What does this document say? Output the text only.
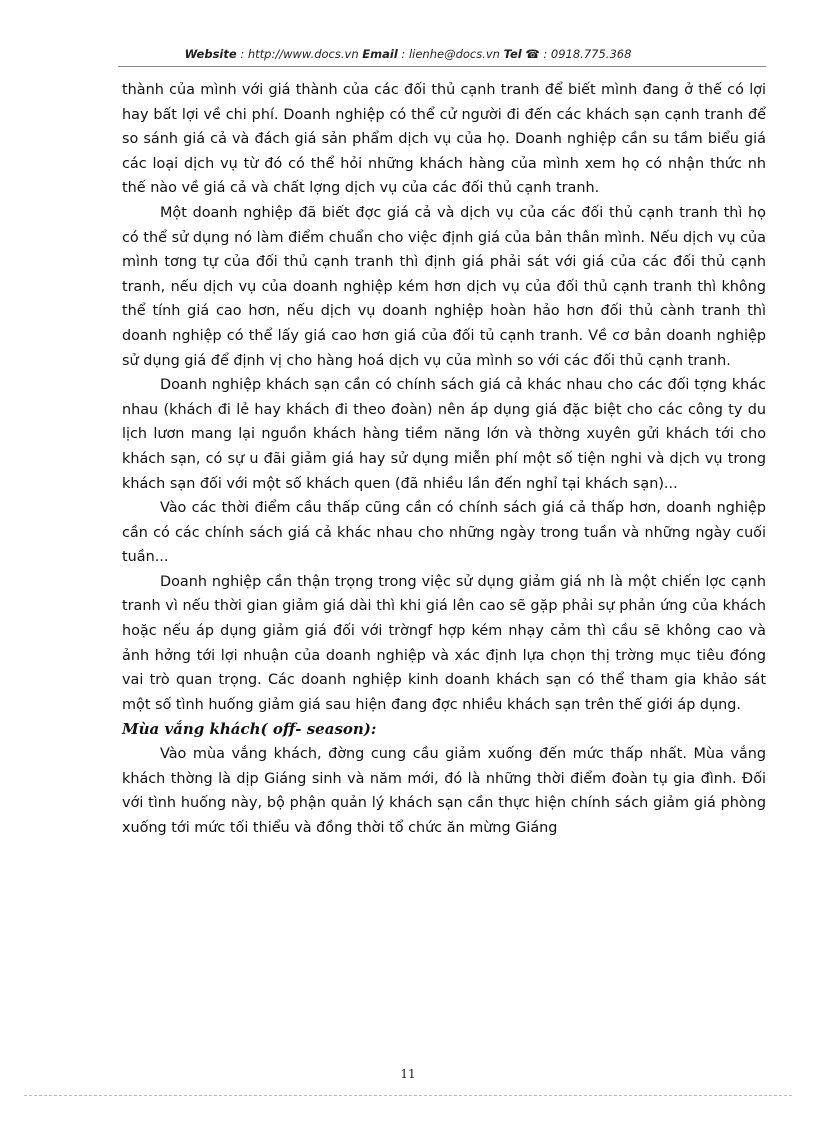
Website : http://www.docs.vn Email : lienhe@docs.vn Tel ☎ : 0918.775.368

thành của mình với giá thành của các đối thủ cạnh tranh để biết mình đang ở thế có lợi hay bất lợi về chi phí. Doanh nghiệp có thể cử người đi đến các khách sạn cạnh tranh để so sánh giá cả và đách giá sản phẩm dịch vụ của họ. Doanh nghiệp cần su tầm biểu giá các loại dịch vụ từ đó có thể hỏi những khách hàng của mình xem họ có nhận thức nh thế nào về giá cả và chất lợng dịch vụ của các đối thủ cạnh tranh.

Một doanh nghiệp đã biết đợc giá cả và dịch vụ của các đối thủ cạnh tranh thì họ có thể sử dụng nó làm điểm chuẩn cho việc định giá của bản thân mình. Nếu dịch vụ của mình tơng tự của đối thủ cạnh tranh thì định giá phải sát với giá của các đối thủ cạnh tranh, nếu dịch vụ của doanh nghiệp kém hơn dịch vụ của đối thủ cạnh tranh thì không thể tính giá cao hơn, nếu dịch vụ doanh nghiệp hoàn hảo hơn đối thủ cành tranh thì doanh nghiệp có thể lấy giá cao hơn giá của đối tủ cạnh tranh. Về cơ bản doanh nghiệp sử dụng giá để định vị cho hàng hoá dịch vụ của mình so với các đối thủ cạnh tranh.

Doanh nghiệp khách sạn cần có chính sách giá cả khác nhau cho các đối tợng khác nhau (khách đi lẻ hay khách đi theo đoàn) nên áp dụng giá đặc biệt cho các công ty du lịch lươn mang lại nguồn khách hàng tiềm năng lớn và thờng xuyên gửi khách tới cho khách sạn, có sự u đãi giảm giá hay sử dụng miễn phí một số tiện nghi và dịch vụ trong khách sạn đối với một số khách quen (đã nhiều lần đến nghỉ tại khách sạn)...

Vào các thời điểm cầu thấp cũng cần có chính sách giá cả thấp hơn, doanh nghiệp cần có các chính sách giá cả khác nhau cho những ngày trong tuần và những ngày cuối tuần...

Doanh nghiệp cần thận trọng trong việc sử dụng giảm giá nh là một chiến lợc cạnh tranh vì nếu thời gian giảm giá dài thì khi giá lên cao sẽ gặp phải sự phản ứng của khách hoặc nếu áp dụng giảm giá đối với trờngf hợp kém nhạy cảm thì cầu sẽ không cao và ảnh hởng tới lợi nhuận của doanh nghiệp và xác định lựa chọn thị trờng mục tiêu đóng vai trò quan trọng. Các doanh nghiệp kinh doanh khách sạn có thể tham gia khảo sát một số tình huống giảm giá sau hiện đang đợc nhiều khách sạn trên thế giới áp dụng.

Mùa vắng khách( off- season):

Vào mùa vắng khách, đờng cung cầu giảm xuống đến mức thấp nhất. Mùa vắng khách thờng là dịp Giáng sinh và năm mới, đó là những thời điểm đoàn tụ gia đình. Đối với tình huống này, bộ phận quản lý khách sạn cần thực hiện chính sách giảm giá phòng xuống tới mức tối thiểu và đồng thời tổ chức ăn mừng Giáng

11
